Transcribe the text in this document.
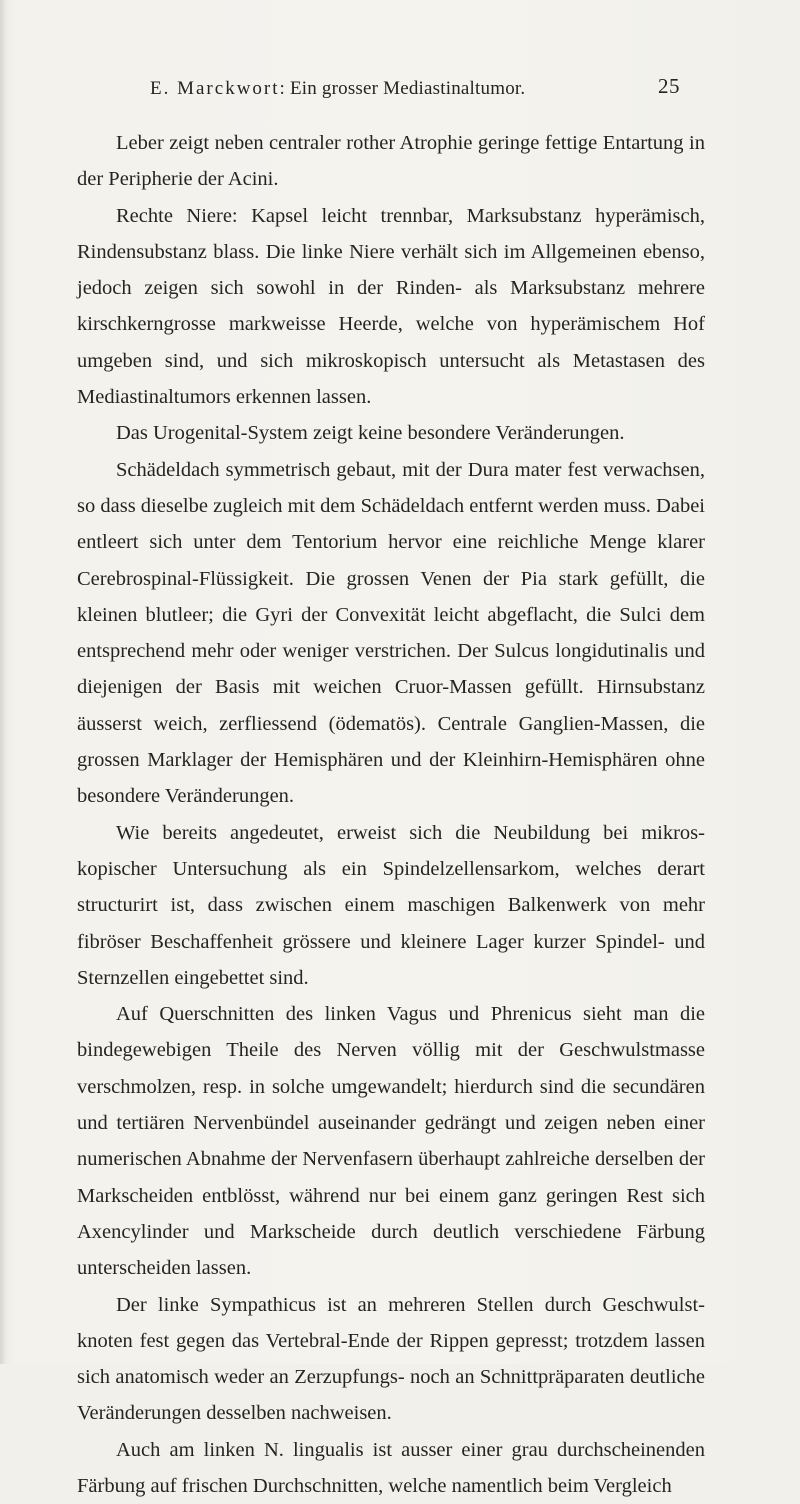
E. Marckwort: Ein grosser Mediastinaltumor.	25

Leber zeigt neben centraler rother Atrophie geringe fettige Entartung in der Peripherie der Acini.

Rechte Niere: Kapsel leicht trennbar, Marksubstanz hyperämisch, Rindensubstanz blass. Die linke Niere verhält sich im Allgemeinen ebenso, jedoch zeigen sich sowohl in der Rinden- als Marksubstanz mehrere kirschkerngrosse markweisse Heerde, welche von hyperämischem Hof umgeben sind, und sich mikroskopisch untersucht als Metastasen des Mediastinaltumors erkennen lassen.

Das Urogenital-System zeigt keine besondere Veränderungen.

Schädeldach symmetrisch gebaut, mit der Dura mater fest verwachsen, so dass dieselbe zugleich mit dem Schädeldach entfernt werden muss. Dabei entleert sich unter dem Tentorium hervor eine reichliche Menge klarer Cerebrospinal-Flüssigkeit. Die grossen Venen der Pia stark gefüllt, die kleinen blutleer; die Gyri der Convexität leicht abgeflacht, die Sulci dem entsprechend mehr oder weniger verstrichen. Der Sulcus longidutinalis und diejenigen der Basis mit weichen Cruor-Massen gefüllt. Hirnsubstanz äusserst weich, zerfliessend (ödematös). Centrale Ganglien-Massen, die grossen Marklager der Hemisphären und der Kleinhirn-Hemisphären ohne besondere Veränderungen.

Wie bereits angedeutet, erweist sich die Neubildung bei mikroskopischer Untersuchung als ein Spindelzellensarkom, welches derart structurirt ist, dass zwischen einem maschigen Balkenwerk von mehr fibröser Beschaffenheit grössere und kleinere Lager kurzer Spindel- und Sternzellen eingebettet sind.

Auf Querschnitten des linken Vagus und Phrenicus sieht man die bindegewebigen Theile des Nerven völlig mit der Geschwulstmasse verschmolzen, resp. in solche umgewandelt; hierdurch sind die secundären und tertiären Nervenbündel auseinander gedrängt und zeigen neben einer numerischen Abnahme der Nervenfasern überhaupt zahlreiche derselben der Markscheiden entblösst, während nur bei einem ganz geringen Rest sich Axencylinder und Markscheide durch deutlich verschiedene Färbung unterscheiden lassen.

Der linke Sympathicus ist an mehreren Stellen durch Geschwulstknoten fest gegen das Vertebral-Ende der Rippen gepresst; trotzdem lassen sich anatomisch weder an Zerzupfungs- noch an Schnittpräparaten deutliche Veränderungen desselben nachweisen.

Auch am linken N. lingualis ist ausser einer grau durchscheinenden Färbung auf frischen Durchschnitten, welche namentlich beim Vergleich
